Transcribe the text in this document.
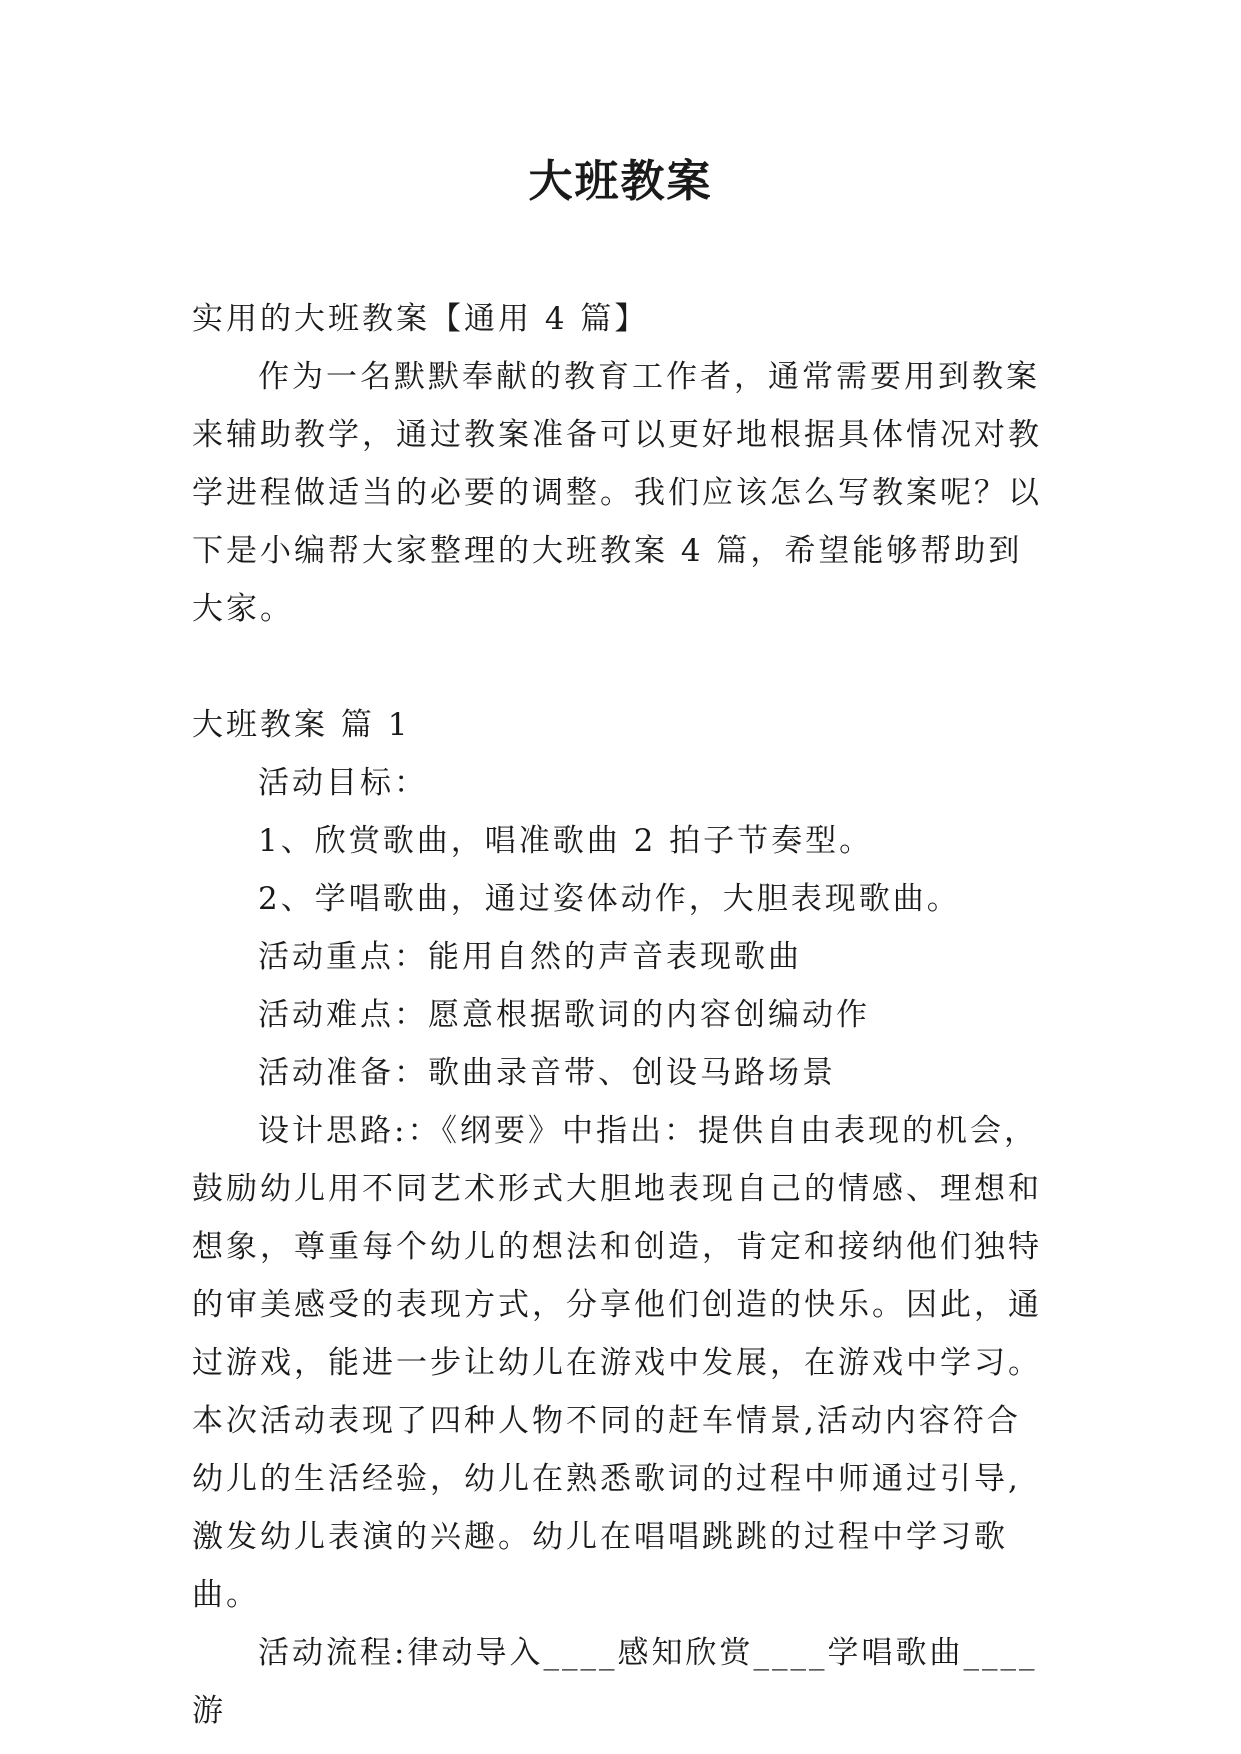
大班教案

实用的大班教案【通用 4 篇】

作为一名默默奉献的教育工作者，通常需要用到教案来辅助教学，通过教案准备可以更好地根据具体情况对教学进程做适当的必要的调整。我们应该怎么写教案呢？以下是小编帮大家整理的大班教案 4 篇，希望能够帮助到大家。

大班教案 篇 1

活动目标：

1、欣赏歌曲，唱准歌曲 2 拍子节奏型。

2、学唱歌曲，通过姿体动作，大胆表现歌曲。

活动重点：能用自然的声音表现歌曲

活动难点：愿意根据歌词的内容创编动作

活动准备：歌曲录音带、创设马路场景

设计思路:：《纲要》中指出：提供自由表现的机会，鼓励幼儿用不同艺术形式大胆地表现自己的情感、理想和想象，尊重每个幼儿的想法和创造，肯定和接纳他们独特的审美感受的表现方式，分享他们创造的快乐。因此，通过游戏，能进一步让幼儿在游戏中发展，在游戏中学习。本次活动表现了四种人物不同的赶车情景,活动内容符合幼儿的生活经验，幼儿在熟悉歌词的过程中师通过引导,激发幼儿表演的兴趣。幼儿在唱唱跳跳的过程中学习歌曲。

活动流程:律动导入____感知欣赏____学唱歌曲____游
